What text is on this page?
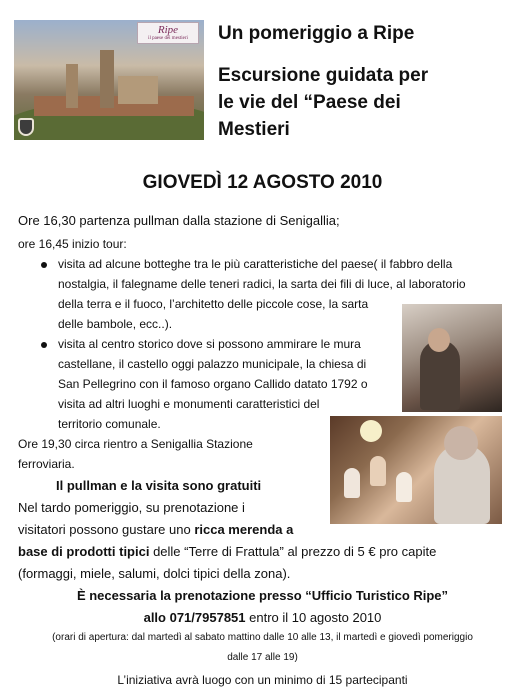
Ripe
il paese dei mestieri Un pomeriggio a Ripe
Escursione guidata per
le vie del “Paese dei
Mestieri
GIOVEDÌ 12 AGOSTO 2010
Ore 16,30 partenza pullman dalla stazione di Senigallia;
ore 16,45 inizio tour:
visita ad alcune botteghe tra le più caratteristiche del paese( il fabbro della
nostalgia, il falegname delle teneri radici, la sarta dei fili di luce, al laboratorio
della terra e il fuoco, l’architetto delle piccole cose, la sarta
delle bambole, ecc..).
visita al centro storico dove si possono ammirare le mura
castellane, il castello oggi palazzo municipale, la chiesa di
San Pellegrino con il famoso organo Callido datato 1792 o
visita ad altri luoghi e monumenti caratteristici del
territorio comunale.
Ore 19,30 circa rientro a Senigallia Stazione
ferroviaria.
Il pullman e la visita sono gratuiti
Nel tardo pomeriggio, su prenotazione i
visitatori possono gustare uno ricca merenda a
base di prodotti tipici delle “Terre di Frattula” al prezzo di 5 € pro capite
(formaggi, miele, salumi, dolci tipici della zona).
È necessaria la prenotazione presso “Ufficio Turistico Ripe”
allo 071/7957851 entro il 10 agosto 2010
(orari di apertura: dal martedì al sabato mattino dalle 10 alle 13, il martedì e giovedì pomeriggio
dalle 17 alle 19)
L’iniziativa avrà luogo con un minimo di 15 partecipanti
